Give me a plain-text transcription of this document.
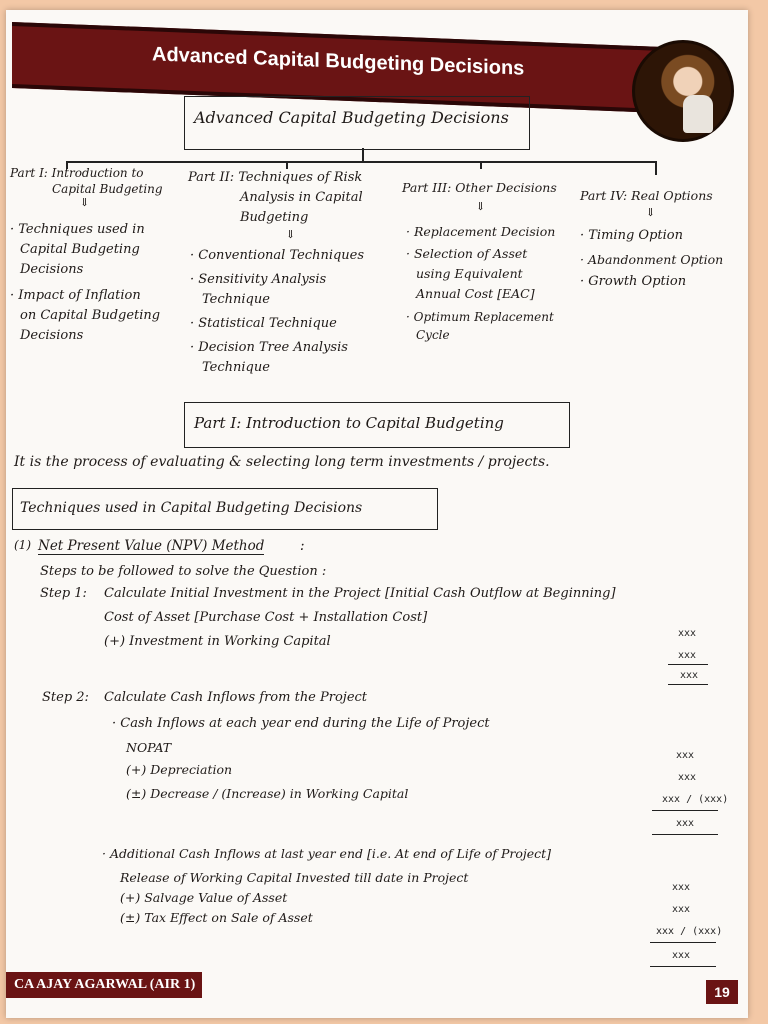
Advanced Capital Budgeting Decisions
Advanced Capital Budgeting Decisions
Part I: Introduction to
Capital Budgeting
⇓
· Techniques used in
Capital Budgeting
Decisions
· Impact of Inflation
on Capital Budgeting
Decisions
Part II: Techniques of Risk
Analysis in Capital
Budgeting
⇓
· Conventional Techniques
· Sensitivity Analysis
Technique
· Statistical Technique
· Decision Tree Analysis
Technique
Part III: Other Decisions
⇓
· Replacement Decision
· Selection of Asset
using Equivalent
Annual Cost [EAC]
· Optimum Replacement
Cycle
Part IV: Real Options
⇓
· Timing Option
· Abandonment Option
· Growth Option
Part I: Introduction to Capital Budgeting
It is the process of evaluating & selecting long term investments / projects.
Techniques used in Capital Budgeting Decisions
(1) Net Present Value (NPV) Method	:
Steps to be followed to solve the Question :
Step 1: Calculate Initial Investment in the Project [Initial Cash Outflow at Beginning]
Cost of Asset [Purchase Cost + Installation Cost]
(+) Investment in Working Capital
xxx
xxx
xxx
Step 2: Calculate Cash Inflows from the Project
· Cash Inflows at each year end during the Life of Project
NOPAT
(+) Depreciation
(±) Decrease / (Increase) in Working Capital
xxx
xxx
xxx / (xxx)
xxx
· Additional Cash Inflows at last year end [i.e. At end of Life of Project]
Release of Working Capital Invested till date in Project
(+) Salvage Value of Asset
(±) Tax Effect on Sale of Asset
xxx
xxx
xxx / (xxx)
xxx
CA AJAY AGARWAL (AIR 1)	19
